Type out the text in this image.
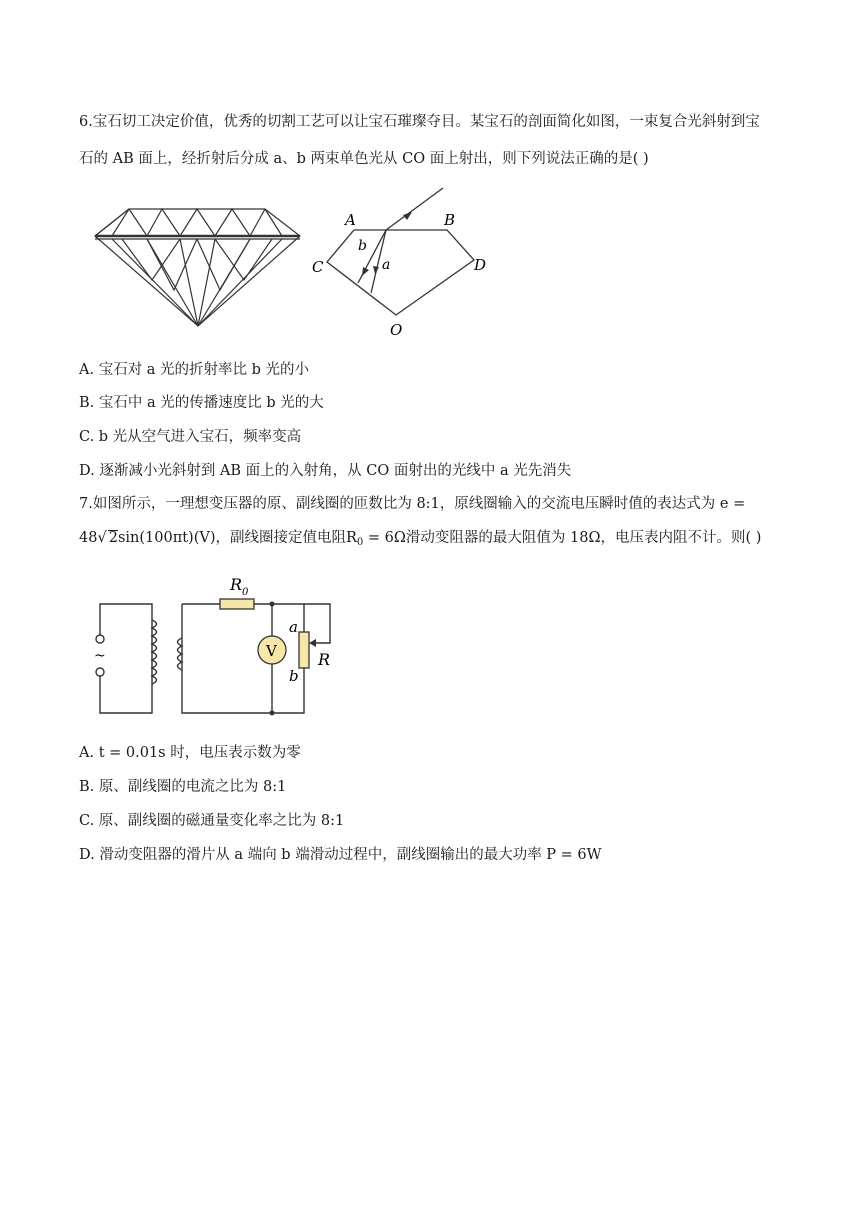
6.宝石切工决定价值，优秀的切割工艺可以让宝石璀璨夺目。某宝石的剖面简化如图，一束复合光斜射到宝
石的 AB 面上，经折射后分成 a、b 两束单色光从 CO 面上射出，则下列说法正确的是( )
A	B
C	D
O
b
a
A. 宝石对 a 光的折射率比 b 光的小
B. 宝石中 a 光的传播速度比 b 光的大
C. b 光从空气进入宝石，频率变高
D. 逐渐减小光斜射到 AB 面上的入射角，从 CO 面射出的光线中 a 光先消失
7.如图所示，一理想变压器的原、副线圈的匝数比为 8:1，原线圈输入的交流电压瞬时值的表达式为 e =
48√ 2sin(100πt)(V)，副线圈接定值电阻$R_0 = 6\Omega$滑动变阻器的最大阻值为 18Ω，电压表内阻不计。则( )
V
~
R 0
a
b
R
A. t = 0.01s 时，电压表示数为零
B. 原、副线圈的电流之比为 8:1
C. 原、副线圈的磁通量变化率之比为 8:1
D. 滑动变阻器的滑片从 a 端向 b 端滑动过程中，副线圈输出的最大功率 P = 6W
